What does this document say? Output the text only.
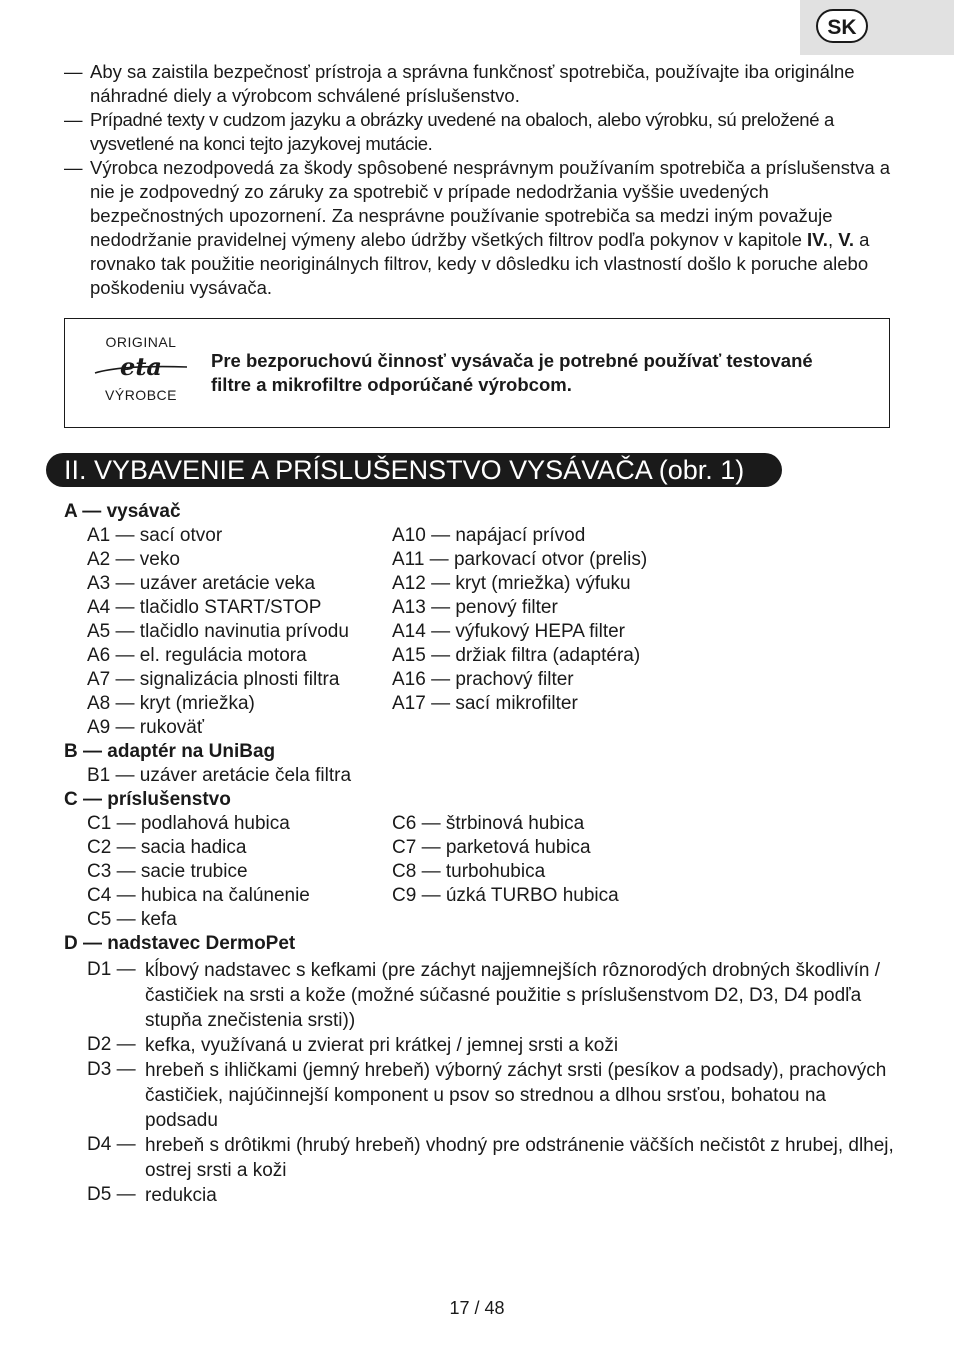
SK
— Aby sa zaistila bezpečnosť prístroja a správna funkčnosť spotrebiča, používajte iba originálne náhradné diely a výrobcom schválené príslušenstvo.
— Prípadné texty v cudzom jazyku a obrázky uvedené na obaloch, alebo výrobku, sú preložené a vysvetlené na konci tejto jazykovej mutácie.
— Výrobca nezodpovedá za škody spôsobené nesprávnym používaním spotrebiča a príslušenstva a nie je zodpovedný zo záruky za spotrebič v prípade nedodržania vyššie uvedených bezpečnostných upozornení. Za nesprávne používanie spotrebiča sa medzi iným považuje nedodržanie pravidelnej výmeny alebo údržby všetkých filtrov podľa pokynov v kapitole IV., V. a rovnako tak použitie neoriginálnych filtrov, kedy v dôsledku ich vlastností došlo k poruche alebo poškodeniu vysávača.
ORIGINAL
eta
VÝROBCE
Pre bezporuchovú činnosť vysávača je potrebné používať testované filtre a mikrofiltre odporúčané výrobcom.
II. VYBAVENIE A PRÍSLUŠENSTVO VYSÁVAČA (obr. 1)
A — vysávač
A1 — sací otvor
A2 — veko
A3 — uzáver aretácie veka
A4 — tlačidlo START/STOP
A5 — tlačidlo navinutia prívodu
A6 — el. regulácia motora
A7 — signalizácia plnosti filtra
A8 — kryt (mriežka)
A9 — rukoväť
A10 — napájací prívod
A11 — parkovací otvor (prelis)
A12 — kryt (mriežka) výfuku
A13 — penový filter
A14 — výfukový HEPA filter
A15 — držiak filtra (adaptéra)
A16 — prachový filter
A17 — sací mikrofilter
B — adaptér na UniBag
B1 — uzáver aretácie čela filtra
C — príslušenstvo
C1 — podlahová hubica
C2 — sacia hadica
C3 — sacie trubice
C4 — hubica na čalúnenie
C5 — kefa
C6 — štrbinová hubica
C7 — parketová hubica
C8 — turbohubica
C9 — úzká TURBO hubica
D — nadstavec DermoPet
D1 — kĺbový nadstavec s kefkami (pre záchyt najjemnejších rôznorodých drobných škodlivín / častičiek na srsti a kože (možné súčasné použitie s príslušenstvom D2, D3, D4 podľa stupňa znečistenia srsti))
D2 — kefka, využívaná u zvierat pri krátkej / jemnej srsti a koži
D3 — hrebeň s ihličkami (jemný hrebeň) výborný záchyt srsti (pesíkov a podsady), prachových častičiek, najúčinnejší komponent u psov so strednou a dlhou srsťou, bohatou na podsadu
D4 — hrebeň s drôtikmi (hrubý hrebeň) vhodný pre odstránenie väčších nečistôt z hrubej, dlhej, ostrej srsti a koži
D5 — redukcia
17 / 48
